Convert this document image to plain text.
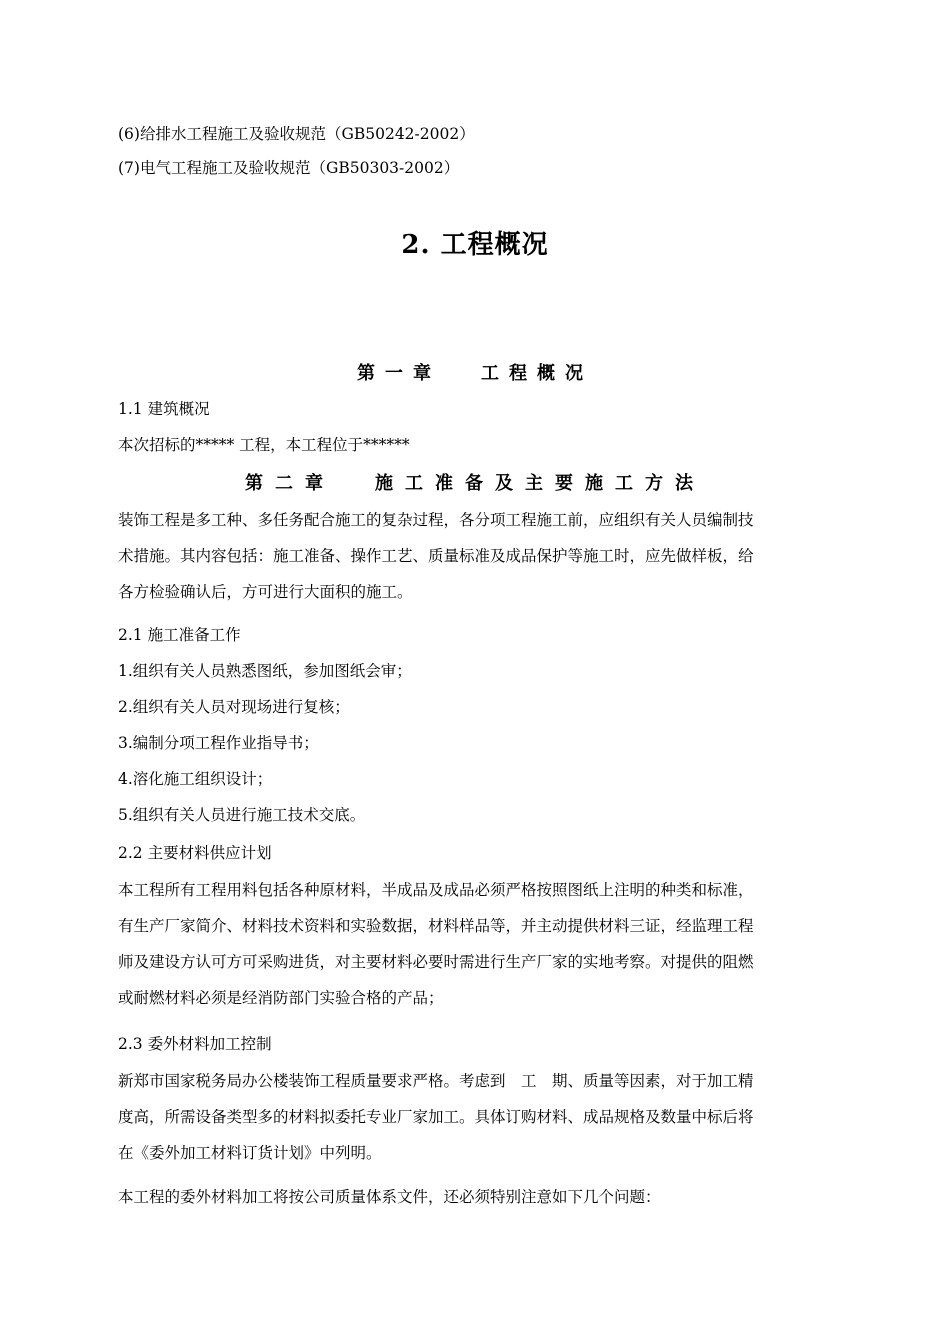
(6)给排水工程施工及验收规范（GB50242-2002）
(7)电气工程施工及验收规范（GB50303-2002）
2. 工程概况
第一章 工程概况
1.1 建筑概况
本次招标的***** 工程，本工程位于******
第二章 施工准备及主要施工方法
装饰工程是多工种、多任务配合施工的复杂过程，各分项工程施工前，应组织有关人员编制技
术措施。其内容包括：施工准备、操作工艺、质量标准及成品保护等施工时，应先做样板，给
各方检验确认后，方可进行大面积的施工。
2.1 施工准备工作
1.组织有关人员熟悉图纸，参加图纸会审；
2.组织有关人员对现场进行复核；
3.编制分项工程作业指导书；
4.溶化施工组织设计；
5.组织有关人员进行施工技术交底。
2.2 主要材料供应计划
本工程所有工程用料包括各种原材料，半成品及成品必须严格按照图纸上注明的种类和标准，
有生产厂家简介、材料技术资料和实验数据，材料样品等，并主动提供材料三证，经监理工程
师及建设方认可方可采购进货，对主要材料必要时需进行生产厂家的实地考察。对提供的阻燃
或耐燃材料必须是经消防部门实验合格的产品；
2.3 委外材料加工控制
新郑市国家税务局办公楼装饰工程质量要求严格。考虑到　工　期、质量等因素，对于加工精
度高，所需设备类型多的材料拟委托专业厂家加工。具体订购材料、成品规格及数量中标后将
在《委外加工材料订货计划》中列明。
本工程的委外材料加工将按公司质量体系文件，还必须特别注意如下几个问题：
